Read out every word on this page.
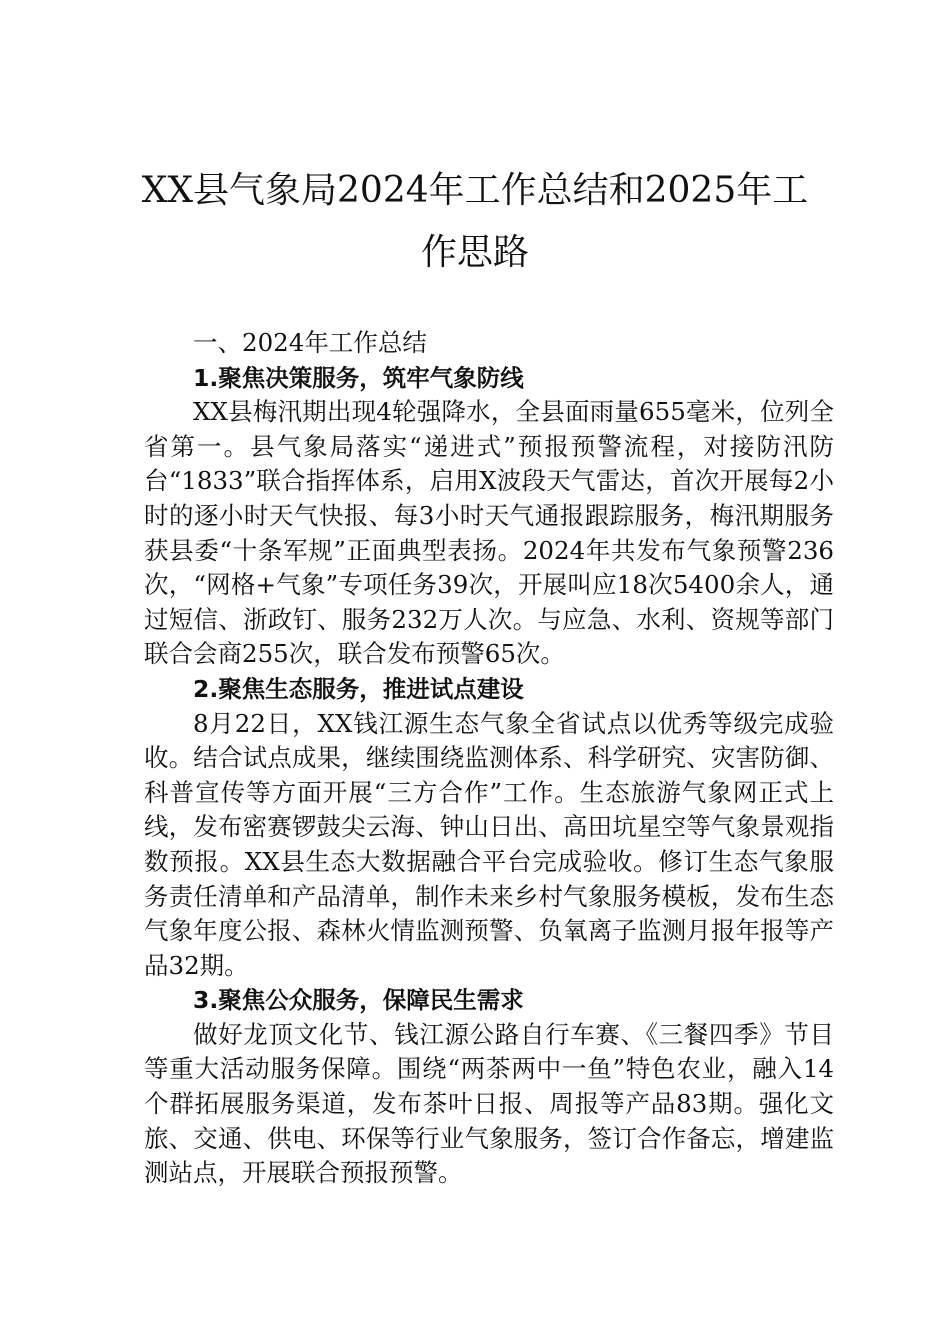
XX县气象局2024年工作总结和2025年工作思路

一、2024年工作总结

1.聚焦决策服务，筑牢气象防线

XX县梅汛期出现4轮强降水，全县面雨量655毫米，位列全省第一。县气象局落实“递进式”预报预警流程，对接防汛防台“1833”联合指挥体系，启用X波段天气雷达，首次开展每2小时的逐小时天气快报、每3小时天气通报跟踪服务，梅汛期服务获县委“十条军规”正面典型表扬。2024年共发布气象预警236次，“网格+气象”专项任务39次，开展叫应18次5400余人，通过短信、浙政钉、服务232万人次。与应急、水利、资规等部门联合会商255次，联合发布预警65次。

2.聚焦生态服务，推进试点建设

8月22日，XX钱江源生态气象全省试点以优秀等级完成验收。结合试点成果，继续围绕监测体系、科学研究、灾害防御、科普宣传等方面开展“三方合作”工作。生态旅游气象网正式上线，发布密赛锣鼓尖云海、钟山日出、高田坑星空等气象景观指数预报。XX县生态大数据融合平台完成验收。修订生态气象服务责任清单和产品清单，制作未来乡村气象服务模板，发布生态气象年度公报、森林火情监测预警、负氧离子监测月报年报等产品32期。

3.聚焦公众服务，保障民生需求

做好龙顶文化节、钱江源公路自行车赛、《三餐四季》节目等重大活动服务保障。围绕“两茶两中一鱼”特色农业，融入14个群拓展服务渠道，发布茶叶日报、周报等产品83期。强化文旅、交通、供电、环保等行业气象服务，签订合作备忘，增建监测站点，开展联合预报预警。
